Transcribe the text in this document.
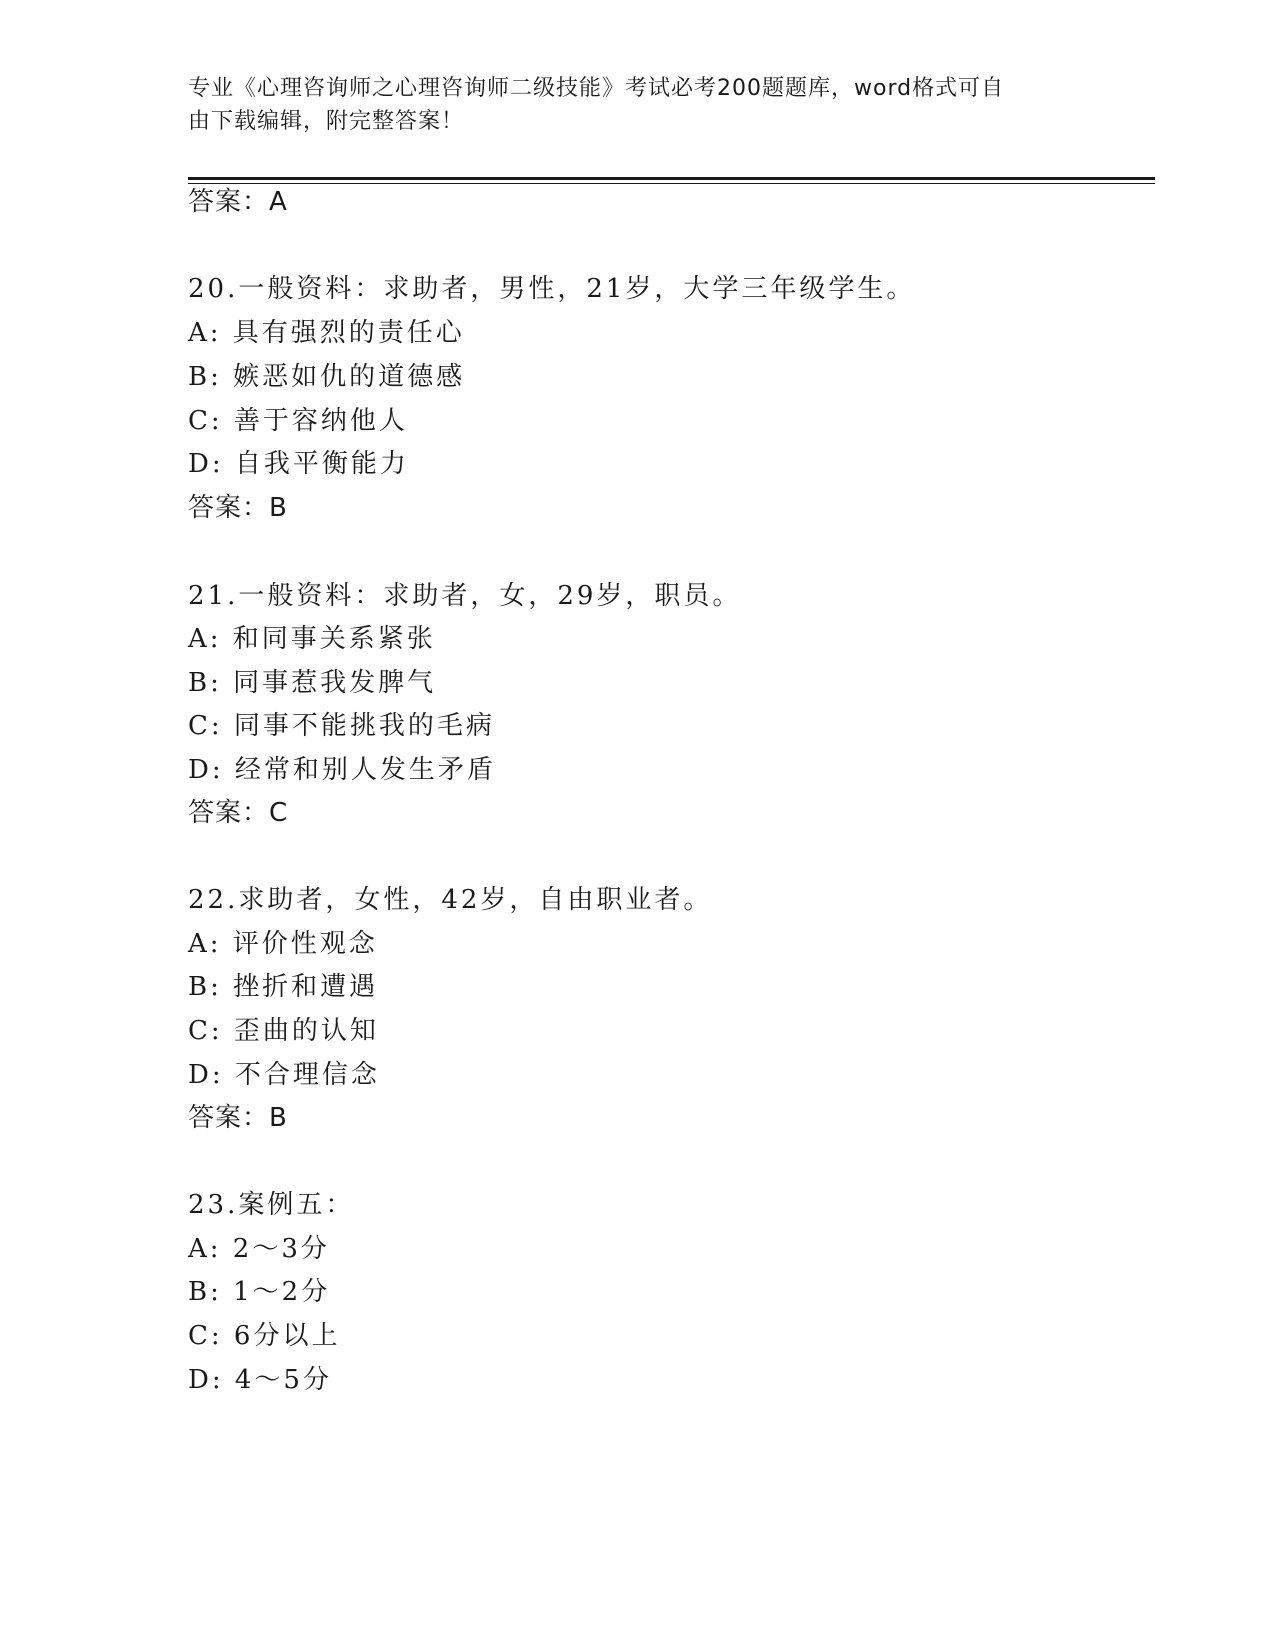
专业《心理咨询师之心理咨询师二级技能》考试必考200题题库，word格式可自
由下载编辑，附完整答案！
答案：A
20.一般资料：求助者，男性，21岁，大学三年级学生。
A: 具有强烈的责任心
B: 嫉恶如仇的道德感
C: 善于容纳他人
D: 自我平衡能力
答案：B
21.一般资料：求助者，女，29岁，职员。
A: 和同事关系紧张
B: 同事惹我发脾气
C: 同事不能挑我的毛病
D: 经常和别人发生矛盾
答案：C
22.求助者，女性，42岁，自由职业者。
A: 评价性观念
B: 挫折和遭遇
C: 歪曲的认知
D: 不合理信念
答案：B
23.案例五：
A: 2～3分
B: 1～2分
C: 6分以上
D: 4～5分
